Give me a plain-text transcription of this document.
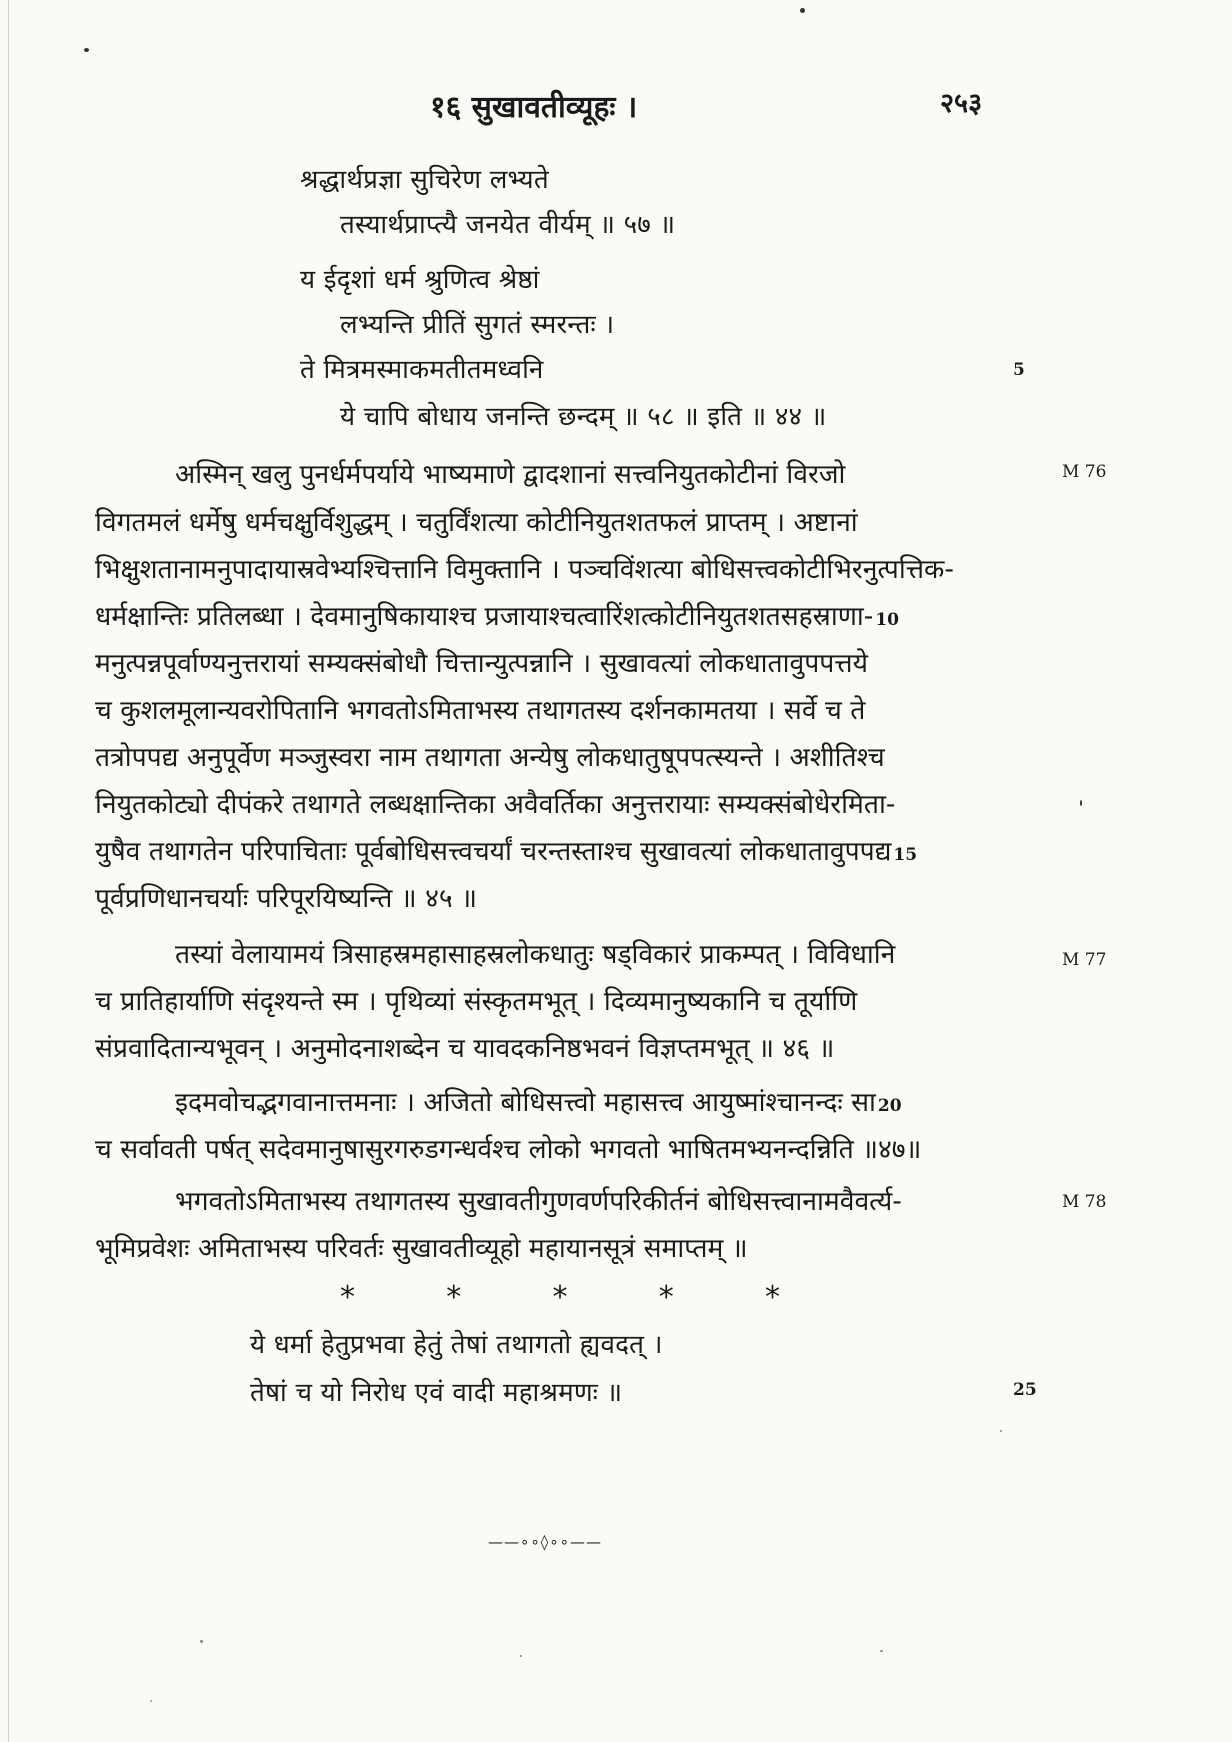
१६ सुखावतीव्यूहः ।	२५३
श्रद्धार्थप्रज्ञा सुचिरेण लभ्यते
तस्यार्थप्राप्त्यै जनयेत वीर्यम् ॥ ५७ ॥
य ईदृशां धर्म श्रुणित्व श्रेष्ठां
लभ्यन्ति प्रीतिं सुगतं स्मरन्तः ।
ते मित्रमस्माकमतीतमध्वनि
ये चापि बोधाय जनन्ति छन्दम् ॥ ५८ ॥ इति ॥ ४४ ॥
5
अस्मिन् खलु पुनर्धर्मपर्याये भाष्यमाणे द्वादशानां सत्त्वनियुतकोटीनां विरजो	M 76
विगतमलं धर्मेषु धर्मचक्षुर्विशुद्धम् । चतुर्विंशत्या कोटीनियुतशतफलं प्राप्तम् । अष्टानां
भिक्षुशतानामनुपादायास्रवेभ्यश्चित्तानि विमुक्तानि । पञ्चविंशत्या बोधिसत्त्वकोटीभिरनुत्पत्तिक-
धर्मक्षान्तिः प्रतिलब्धा । देवमानुषिकायाश्च प्रजायाश्चत्वारिंशत्कोटीनियुतशतसहस्राणा- 10
मनुत्पन्नपूर्वाण्यनुत्तरायां सम्यक्संबोधौ चित्तान्युत्पन्नानि । सुखावत्यां लोकधातावुपपत्तये
च कुशलमूलान्यवरोपितानि भगवतोऽमिताभस्य तथागतस्य दर्शनकामतया । सर्वे च ते
तत्रोपपद्य अनुपूर्वेण मञ्जुस्वरा नाम तथागता अन्येषु लोकधातुषूपपत्स्यन्ते । अशीतिश्च
नियुतकोट्यो दीपंकरे तथागते लब्धक्षान्तिका अवैवर्तिका अनुत्तरायाः सम्यक्संबोधेरमिता-
युषैव तथागतेन परिपाचिताः पूर्वबोधिसत्त्वचर्यां चरन्तस्ताश्च सुखावत्यां लोकधातावुपपद्य 15
पूर्वप्रणिधानचर्याः परिपूरयिष्यन्ति ॥ ४५ ॥
तस्यां वेलायामयं त्रिसाहस्रमहासाहस्रलोकधातुः षड्विकारं प्राकम्पत् । विविधानि	M 77
च प्रातिहार्याणि संदृश्यन्ते स्म । पृथिव्यां संस्कृतमभूत् । दिव्यमानुष्यकानि च तूर्याणि
संप्रवादितान्यभूवन् । अनुमोदनाशब्देन च यावदकनिष्ठभवनं विज्ञप्तमभूत् ॥ ४६ ॥
इदमवोचद्भगवानात्तमनाः । अजितो बोधिसत्त्वो महासत्त्व आयुष्मांश्चानन्दः सा 20
च सर्वावती पर्षत् सदेवमानुषासुरगरुडगन्धर्वश्च लोको भगवतो भाषितमभ्यनन्दन्निति ॥४७॥
भगवतोऽमिताभस्य तथागतस्य सुखावतीगुणवर्णपरिकीर्तनं बोधिसत्त्वानामवैवर्त्य-	M 78
भूमिप्रवेशः अमिताभस्य परिवर्तः सुखावतीव्यूहो महायानसूत्रं समाप्तम् ॥
*	*	*	*	*
ये धर्मा हेतुप्रभवा हेतुं तेषां तथागतो ह्यवदत् ।
तेषां च यो निरोध एवं वादी महाश्रमणः ॥	25
——∘∘◊∘∘——
